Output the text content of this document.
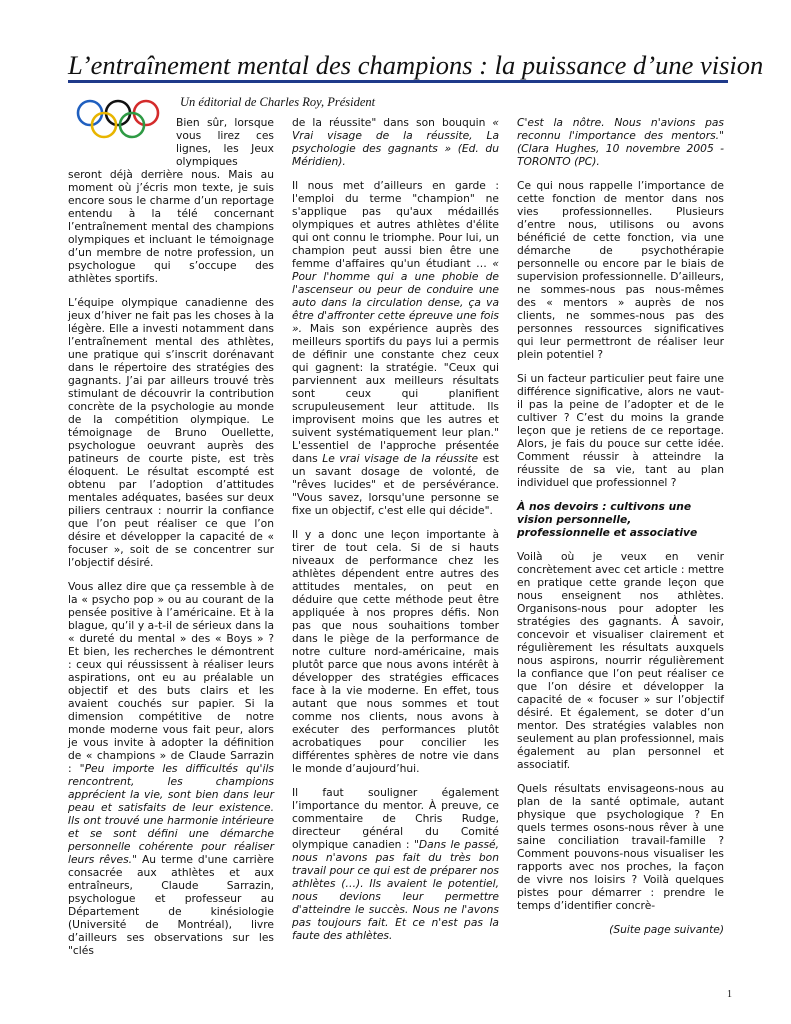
L’entraînement mental des champions : la puissance d’une vision
Un éditorial de Charles Roy, Président

Bien sûr, lorsque vous lirez ces lignes, les Jeux olympiques seront déjà derrière nous. Mais au moment où j’écris mon texte, je suis encore sous le charme d’un reportage entendu à la télé concernant l’entraînement mental des champions olympiques et incluant le témoignage d’un membre de notre profession, un psychologue qui s’occupe des athlètes sportifs.

L’équipe olympique canadienne des jeux d’hiver ne fait pas les choses à la légère. Elle a investi notamment dans l’entraînement mental des athlètes, une pratique qui s’inscrit dorénavant dans le répertoire des stratégies des gagnants. J’ai par ailleurs trouvé très stimulant de découvrir la contribution concrète de la psychologie au monde de la compétition olympique. Le témoignage de Bruno Ouellette, psychologue oeuvrant auprès des patineurs de courte piste, est très éloquent. Le résultat escompté est obtenu par l’adoption d’attitudes mentales adéquates, basées sur deux piliers centraux : nourrir la confiance que l’on peut réaliser ce que l’on désire et développer la capacité de « focuser », soit de se concentrer sur l’objectif désiré.

Vous allez dire que ça ressemble à de la « psycho pop » ou au courant de la pensée positive à l’américaine. Et à la blague, qu’il y a-t-il de sérieux dans la « dureté du mental » des « Boys » ? Et bien, les recherches le démontrent : ceux qui réussissent à réaliser leurs aspirations, ont eu au préalable un objectif et des buts clairs et les avaient couchés sur papier. Si la dimension compétitive de notre monde moderne vous fait peur, alors je vous invite à adopter la définition de « champions » de Claude Sarrazin : "Peu importe les difficultés qu'ils rencontrent, les champions apprécient la vie, sont bien dans leur peau et satisfaits de leur existence. Ils ont trouvé une harmonie intérieure et se sont défini une démarche personnelle cohérente pour réaliser leurs rêves." Au terme d'une carrière consacrée aux athlètes et aux entraîneurs, Claude Sarrazin, psychologue et professeur au Département de kinésiologie (Université de Montréal), livre d’ailleurs ses observations sur les "clés

de la réussite" dans son bouquin « Vrai visage de la réussite, La psychologie des gagnants » (Ed. du Méridien).

Il nous met d’ailleurs en garde : l'emploi du terme "champion" ne s'applique pas qu'aux médaillés olympiques et autres athlètes d'élite qui ont connu le triomphe. Pour lui, un champion peut aussi bien être une femme d'affaires qu'un étudiant … « Pour l'homme qui a une phobie de l'ascenseur ou peur de conduire une auto dans la circulation dense, ça va être d'affronter cette épreuve une fois ». Mais son expérience auprès des meilleurs sportifs du pays lui a permis de définir une constante chez ceux qui gagnent: la stratégie. "Ceux qui parviennent aux meilleurs résultats sont ceux qui planifient scrupuleusement leur attitude. Ils improvisent moins que les autres et suivent systématiquement leur plan." L'essentiel de l'approche présentée dans Le vrai visage de la réussite est un savant dosage de volonté, de "rêves lucides" et de persévérance. "Vous savez, lorsqu'une personne se fixe un objectif, c'est elle qui décide".

Il y a donc une leçon importante à tirer de tout cela. Si de si hauts niveaux de performance chez les athlètes dépendent entre autres des attitudes mentales, on peut en déduire que cette méthode peut être appliquée à nos propres défis. Non pas que nous souhaitions tomber dans le piège de la performance de notre culture nord-américaine, mais plutôt parce que nous avons intérêt à développer des stratégies efficaces face à la vie moderne. En effet, tous autant que nous sommes et tout comme nos clients, nous avons à exécuter des performances plutôt acrobatiques pour concilier les différentes sphères de notre vie dans le monde d’aujourd’hui.

Il faut souligner également l’importance du mentor. À preuve, ce commentaire de Chris Rudge, directeur général du Comité olympique canadien : "Dans le passé, nous n'avons pas fait du très bon travail pour ce qui est de préparer nos athlètes (…). Ils avaient le potentiel, nous devions leur permettre d'atteindre le succès. Nous ne l'avons pas toujours fait. Et ce n'est pas la faute des athlètes.

C'est la nôtre. Nous n'avions pas reconnu l'importance des mentors." (Clara Hughes, 10 novembre 2005 - TORONTO (PC).

Ce qui nous rappelle l’importance de cette fonction de mentor dans nos vies professionnelles. Plusieurs d’entre nous, utilisons ou avons bénéficié de cette fonction, via une démarche de psychothérapie personnelle ou encore par le biais de supervision professionnelle. D’ailleurs, ne sommes-nous pas nous-mêmes des « mentors » auprès de nos clients, ne sommes-nous pas des personnes ressources significatives qui leur permettront de réaliser leur plein potentiel ?

Si un facteur particulier peut faire une différence significative, alors ne vaut-il pas la peine de l’adopter et de le cultiver ? C’est du moins la grande leçon que je retiens de ce reportage. Alors, je fais du pouce sur cette idée. Comment réussir à atteindre la réussite de sa vie, tant au plan individuel que professionnel ?

À nos devoirs : cultivons une vision personnelle, professionnelle et associative

Voilà où je veux en venir concrètement avec cet article : mettre en pratique cette grande leçon que nous enseignent nos athlètes. Organisons-nous pour adopter les stratégies des gagnants. À savoir, concevoir et visualiser clairement et régulièrement les résultats auxquels nous aspirons, nourrir régulièrement la confiance que l’on peut réaliser ce que l’on désire et développer la capacité de « focuser » sur l’objectif désiré. Et également, se doter d’un mentor. Des stratégies valables non seulement au plan professionnel, mais également au plan personnel et associatif.

Quels résultats envisageons-nous au plan de la santé optimale, autant physique que psychologique ? En quels termes osons-nous rêver à une saine conciliation travail-famille ? Comment pouvons-nous visualiser les rapports avec nos proches, la façon de vivre nos loisirs ? Voilà quelques pistes pour démarrer : prendre le temps d’identifier concrè-

(Suite page suivante)
1
